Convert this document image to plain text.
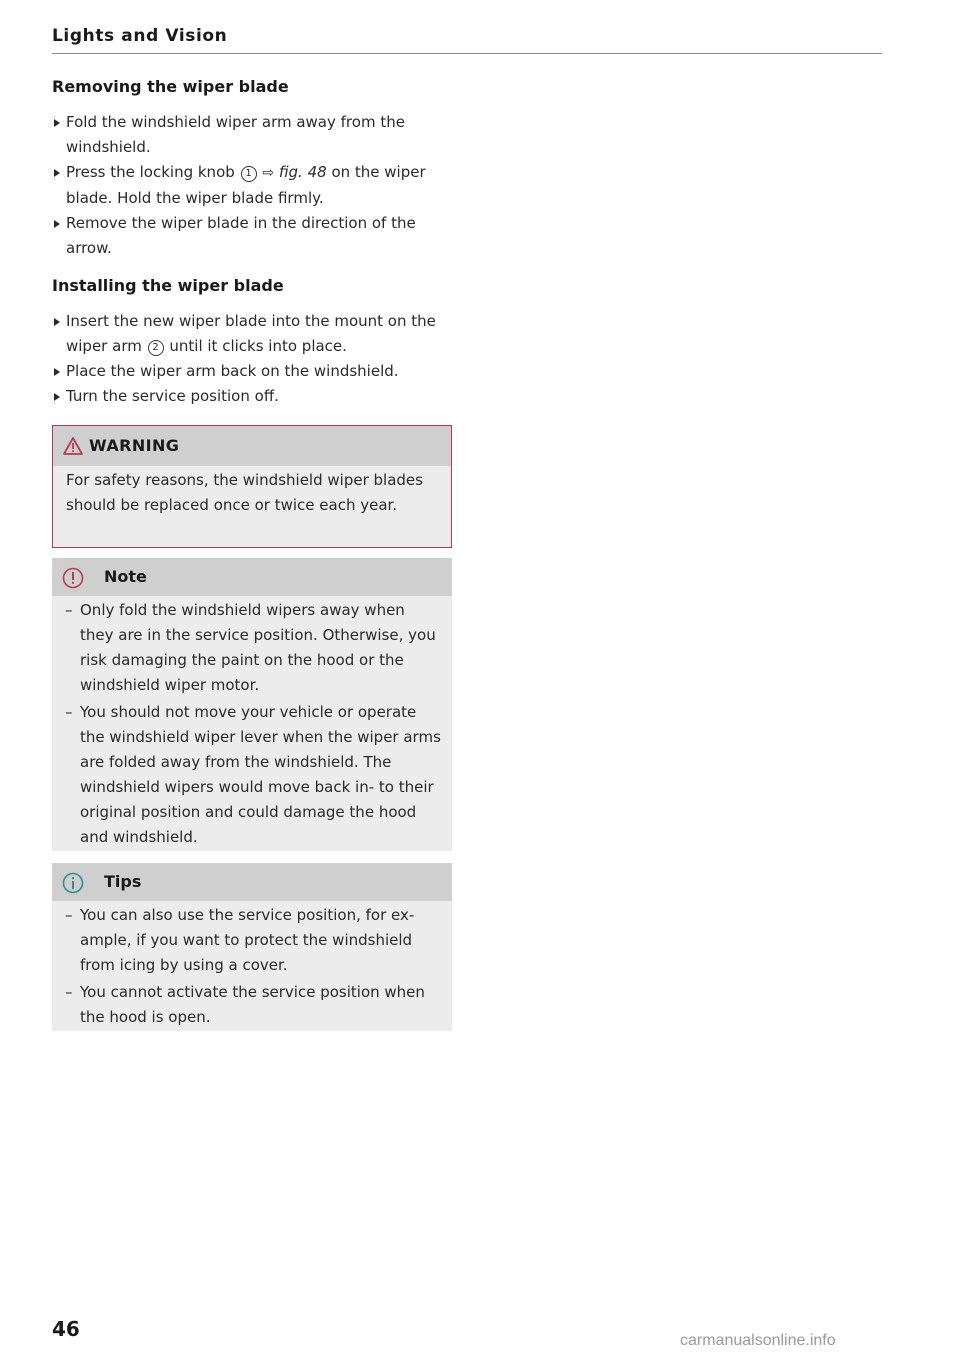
Lights and Vision
Removing the wiper blade
Fold the windshield wiper arm away from the windshield.
Press the locking knob 1 ⇨ fig. 48 on the wiper blade. Hold the wiper blade firmly.
Remove the wiper blade in the direction of the arrow.
Installing the wiper blade
Insert the new wiper blade into the mount on the wiper arm 2 until it clicks into place.
Place the wiper arm back on the windshield.
Turn the service position off.
WARNING
For safety reasons, the windshield wiper blades should be replaced once or twice each year.
Note
– Only fold the windshield wipers away when they are in the service position. Otherwise, you risk damaging the paint on the hood or the windshield wiper motor.
– You should not move your vehicle or operate the windshield wiper lever when the wiper arms are folded away from the windshield. The windshield wipers would move back in- to their original position and could damage the hood and windshield.
Tips
– You can also use the service position, for ex- ample, if you want to protect the windshield from icing by using a cover.
– You cannot activate the service position when the hood is open.
46	carmanualsonline.info
